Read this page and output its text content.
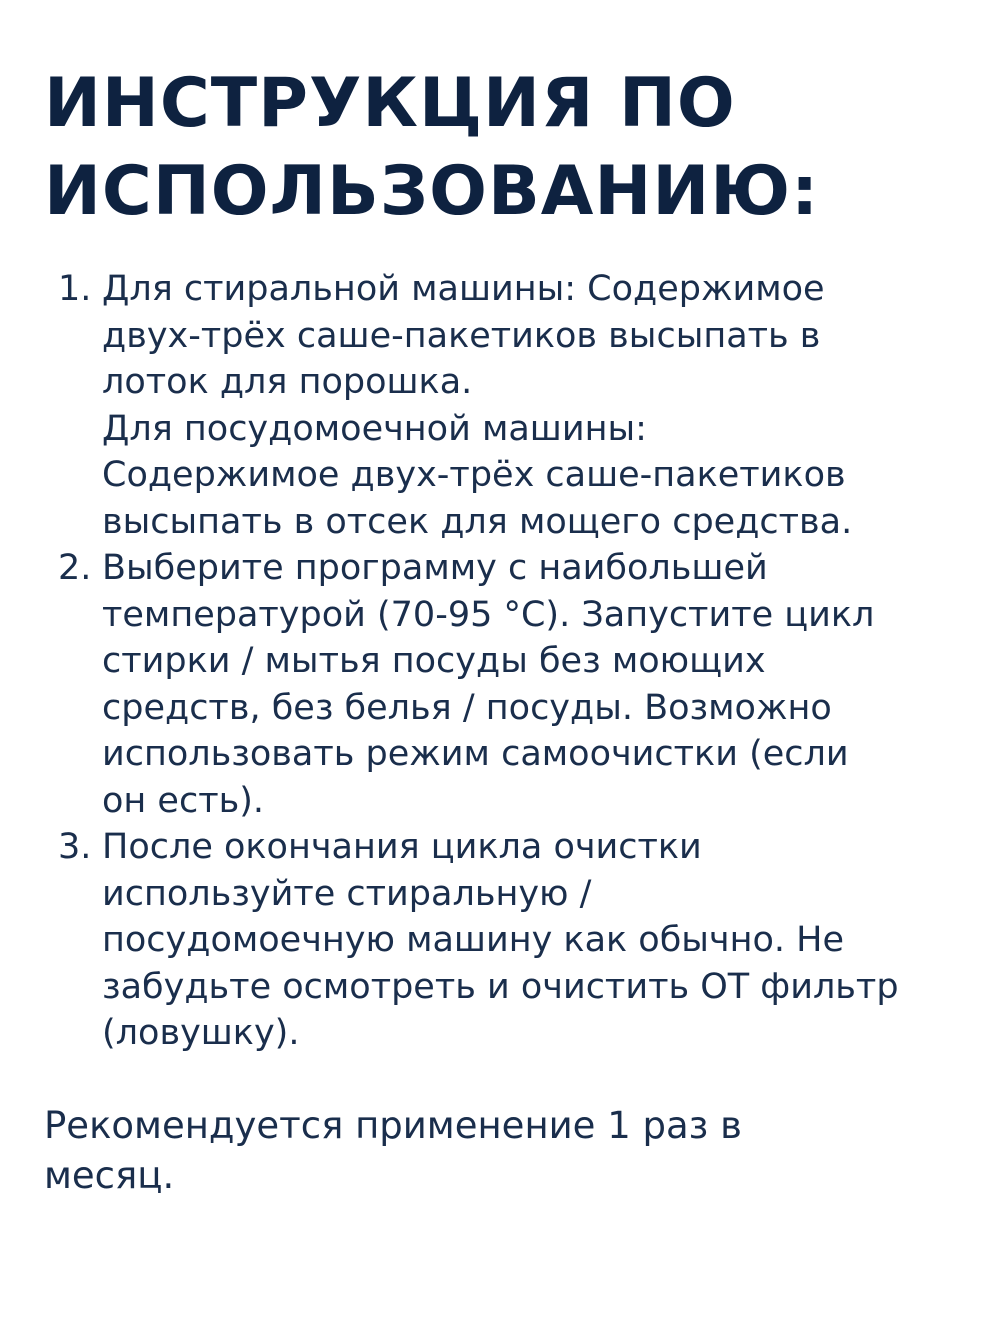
ИНСТРУКЦИЯ ПО
ИСПОЛЬЗОВАНИЮ:
1. Для стиральной машины: Содержимое
двух-трёх саше-пакетиков высыпать в
лоток для порошка.
Для посудомоечной машины:
Содержимое двух-трёх саше-пакетиков
высыпать в отсек для мощего средства.
2. Выберите программу с наибольшей
температурой (70-95 °С). Запустите цикл
стирки / мытья посуды без моющих
средств, без белья / посуды. Возможно
использовать режим самоочистки (если
он есть).
3. После окончания цикла очистки
используйте стиральную /
посудомоечную машину как обычно. Не
забудьте осмотреть и очистить ОТ фильтр
(ловушку).

Рекомендуется применение 1 раз в
месяц.
